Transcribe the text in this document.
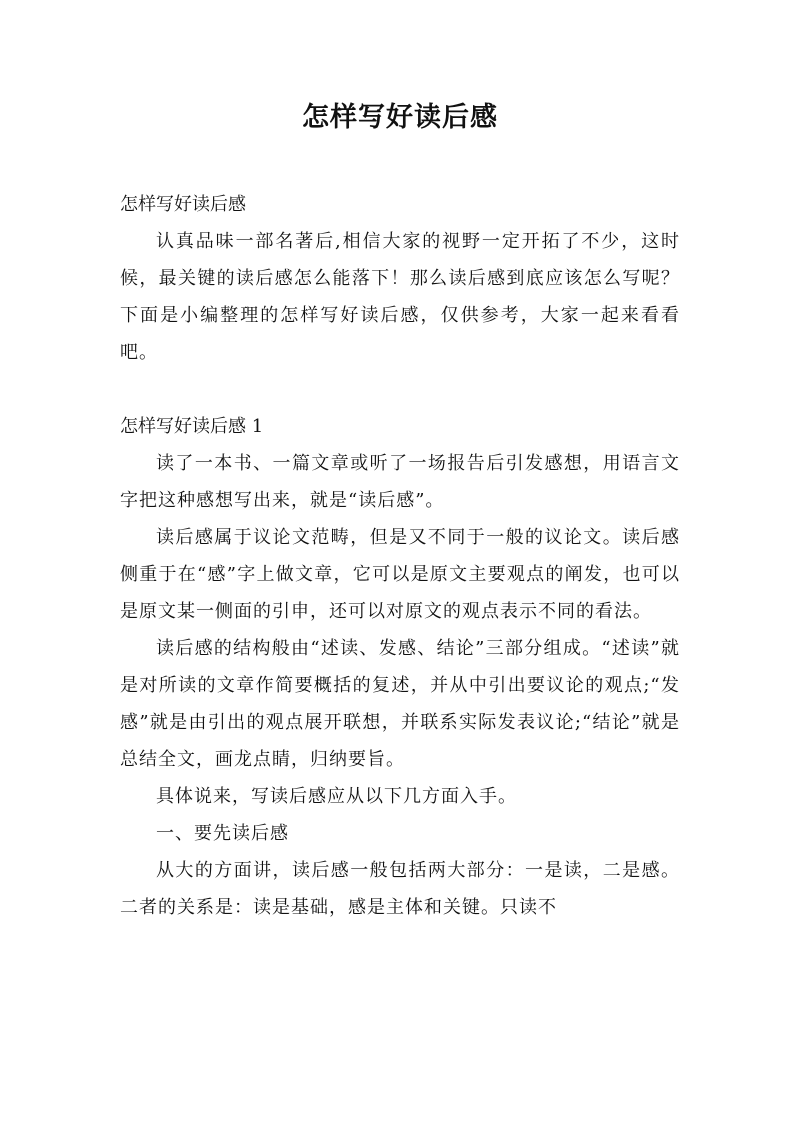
怎样写好读后感

怎样写好读后感

认真品味一部名著后,相信大家的视野一定开拓了不少，这时候，最关键的读后感怎么能落下！那么读后感到底应该怎么写呢？下面是小编整理的怎样写好读后感，仅供参考，大家一起来看看吧。

怎样写好读后感 1

读了一本书、一篇文章或听了一场报告后引发感想，用语言文字把这种感想写出来，就是“读后感”。

读后感属于议论文范畴，但是又不同于一般的议论文。读后感侧重于在“感”字上做文章，它可以是原文主要观点的阐发，也可以是原文某一侧面的引申，还可以对原文的观点表示不同的看法。

读后感的结构般由“述读、发感、结论”三部分组成。“述读”就是对所读的文章作简要概括的复述，并从中引出要议论的观点;“发感”就是由引出的观点展开联想，并联系实际发表议论;“结论”就是总结全文，画龙点睛，归纳要旨。

具体说来，写读后感应从以下几方面入手。

一、要先读后感

从大的方面讲，读后感一般包括两大部分：一是读，二是感。二者的关系是：读是基础，感是主体和关键。只读不
